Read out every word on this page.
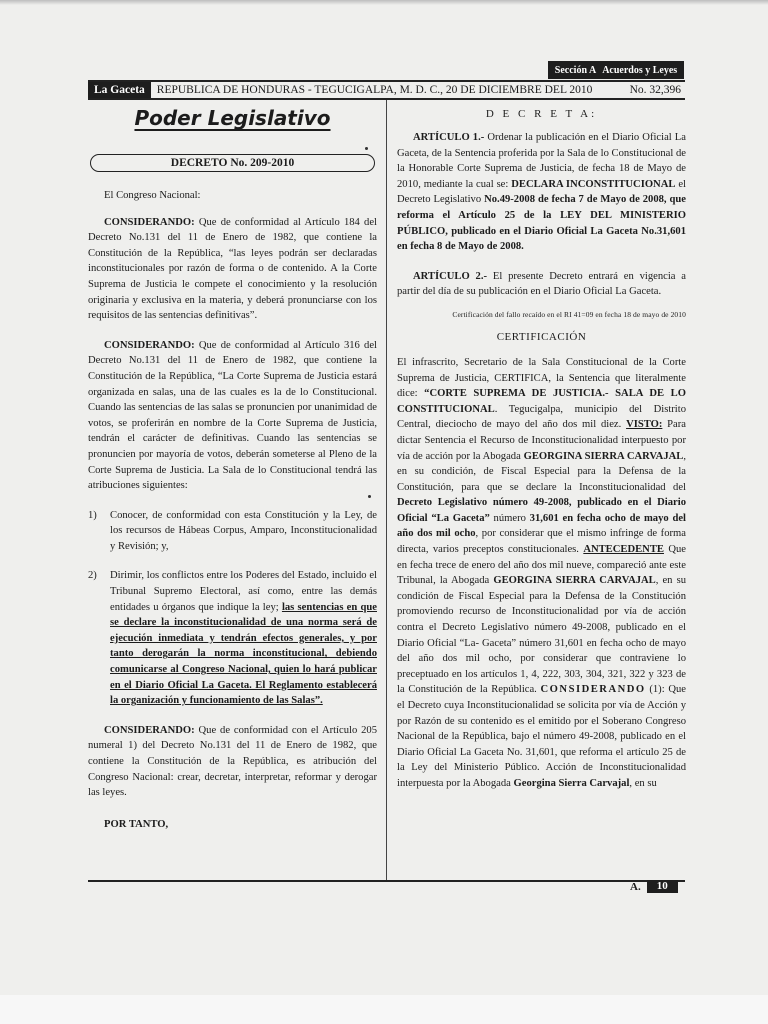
Sección A Acuerdos y Leyes
La Gaceta	REPUBLICA DE HONDURAS - TEGUCIGALPA, M. D. C., 20 DE DICIEMBRE DEL 2010	No. 32,396
Poder Legislativo
DECRETO No. 209-2010

El Congreso Nacional:

CONSIDERANDO: Que de conformidad al Artículo 184 del Decreto No.131 del 11 de Enero de 1982, que contiene la Constitución de la República, “las leyes podrán ser declaradas inconstitucionales por razón de forma o de contenido. A la Corte Suprema de Justicia le compete el conocimiento y la resolución originaria y exclusiva en la materia, y deberá pronunciarse con los requisitos de las sentencias definitivas”.

CONSIDERANDO: Que de conformidad al Artículo 316 del Decreto No.131 del 11 de Enero de 1982, que contiene la Constitución de la República, “La Corte Suprema de Justicia estará organizada en salas, una de las cuales es la de lo Constitucional. Cuando las sentencias de las salas se pronuncien por unanimidad de votos, se proferirán en nombre de la Corte Suprema de Justicia, tendrán el carácter de definitivas. Cuando las sentencias se pronuncien por mayoría de votos, deberán someterse al Pleno de la Corte Suprema de Justicia. La Sala de lo Constitucional tendrá las atribuciones siguientes:

1)	Conocer, de conformidad con esta Constitución y la Ley, de los recursos de Hábeas Corpus, Amparo, Inconstitucionalidad y Revisión; y,

2)	Dirimir, los conflictos entre los Poderes del Estado, incluido el Tribunal Supremo Electoral, así como, entre las demás entidades u órganos que indique la ley; las sentencias en que se declare la inconstitucionalidad de una norma será de ejecución inmediata y tendrán efectos generales, y por tanto derogarán la norma inconstitucional, debiendo comunicarse al Congreso Nacional, quien lo hará publicar en el Diario Oficial La Gaceta. El Reglamento establecerá la organización y funcionamiento de las Salas”.

CONSIDERANDO: Que de conformidad con el Artículo 205 numeral 1) del Decreto No.131 del 11 de Enero de 1982, que contiene la Constitución de la República, es atribución del Congreso Nacional: crear, decretar, interpretar, reformar y derogar las leyes.

POR TANTO,

D E C R E T A:

ARTÍCULO 1.- Ordenar la publicación en el Diario Oficial La Gaceta, de la Sentencia proferida por la Sala de lo Constitucional de la Honorable Corte Suprema de Justicia, de fecha 18 de Mayo de 2010, mediante la cual se: DECLARA INCONSTITUCIONAL el Decreto Legislativo No.49-2008 de fecha 7 de Mayo de 2008, que reforma el Artículo 25 de la LEY DEL MINISTERIO PÚBLICO, publicado en el Diario Oficial La Gaceta No.31,601 en fecha 8 de Mayo de 2008.

ARTÍCULO 2.- El presente Decreto entrará en vigencia a partir del día de su publicación en el Diario Oficial La Gaceta.

Certificación del fallo recaído en el RI 41=09 en fecha 18 de mayo de 2010
CERTIFICACIÓN

El infrascrito, Secretario de la Sala Constitucional de la Corte Suprema de Justicia, CERTIFICA, la Sentencia que literalmente dice: “CORTE SUPREMA DE JUSTICIA.- SALA DE LO CONSTITUCIONAL. Tegucigalpa, municipio del Distrito Central, dieciocho de mayo del año dos mil diez. VISTO: Para dictar Sentencia el Recurso de Inconstitucionalidad interpuesto por vía de acción por la Abogada GEORGINA SIERRA CARVAJAL, en su condición, de Fiscal Especial para la Defensa de la Constitución, para que se declare la Inconstitucionalidad del Decreto Legislativo número 49-2008, publicado en el Diario Oficial “La Gaceta” número 31,601 en fecha ocho de mayo del año dos mil ocho, por considerar que el mismo infringe de forma directa, varios preceptos constitucionales. ANTECEDENTE Que en fecha trece de enero del año dos mil nueve, compareció ante este Tribunal, la Abogada GEORGINA SIERRA CARVAJAL, en su condición de Fiscal Especial para la Defensa de la Constitución promoviendo recurso de Inconstitucionalidad por vía de acción contra el Decreto Legislativo número 49-2008, publicado en el Diario Oficial “La- Gaceta” número 31,601 en fecha ocho de mayo del año dos mil ocho, por considerar que contraviene lo preceptuado en los artículos 1, 4, 222, 303, 304, 321, 322 y 323 de la Constitución de la República. CONSIDERANDO (1): Que el Decreto cuya Inconstitucionalidad se solicita por vía de Acción y por Razón de su contenido es el emitido por el Soberano Congreso Nacional de la República, bajo el número 49-2008, publicado en el Diario Oficial La Gaceta No. 31,601, que reforma el artículo 25 de la Ley del Ministerio Público. Acción de Inconstitucionalidad interpuesta por la Abogada Georgina Sierra Carvajal, en su

A.	10
